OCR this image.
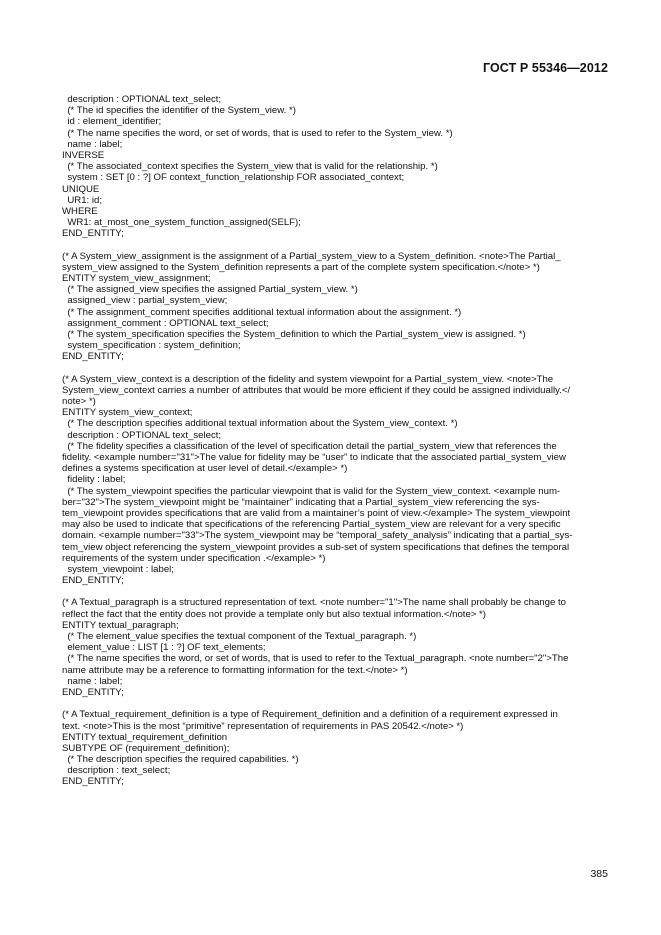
ГОСТ Р 55346—2012
description : OPTIONAL text_select;
(* The id specifies the identifier of the System_view. *)
id : element_identifier;
(* The name specifies the word, or set of words, that is used to refer to the System_view. *)
name : label;
INVERSE
(* The associated_context specifies the System_view that is valid for the relationship. *)
system : SET [0 : ?] OF context_function_relationship FOR associated_context;
UNIQUE
UR1: id;
WHERE
WR1: at_most_one_system_function_assigned(SELF);
END_ENTITY;
(* A System_view_assignment is the assignment of a Partial_system_view to a System_definition. <note>The Partial_
system_view assigned to the System_definition represents a part of the complete system specification.</note> *)
ENTITY system_view_assignment;
(* The assigned_view specifies the assigned Partial_system_view. *)
assigned_view : partial_system_view;
(* The assignment_comment specifies additional textual information about the assignment. *)
assignment_comment : OPTIONAL text_select;
(* The system_specification specifies the System_definition to which the Partial_system_view is assigned. *)
system_specification : system_definition;
END_ENTITY;
(* A System_view_context is a description of the fidelity and system viewpoint for a Partial_system_view. <note>The
System_view_context carries a number of attributes that would be more efficient if they could be assigned individually.</
note> *)
ENTITY system_view_context;
(* The description specifies additional textual information about the System_view_context. *)
description : OPTIONAL text_select;
(* The fidelity specifies a classification of the level of specification detail the partial_system_view that references the
fidelity. <example number="31">The value for fidelity may be “user” to indicate that the associated partial_system_view
defines a systems specification at user level of detail.</example> *)
fidelity : label;
(* The system_viewpoint specifies the particular viewpoint that is valid for the System_view_context. <example num-
ber="32">The system_viewpoint might be “maintainer” indicating that a Partial_system_view referencing the sys-
tem_viewpoint provides specifications that are valid from a maintainer’s point of view.</example> The system_viewpoint
may also be used to indicate that specifications of the referencing Partial_system_view are relevant for a very specific
domain. <example number="33">The system_viewpoint may be “temporal_safety_analysis” indicating that a partial_sys-
tem_view object referencing the system_viewpoint provides a sub-set of system specifications that defines the temporal
requirements of the system under specification .</example> *)
system_viewpoint : label;
END_ENTITY;
(* A Textual_paragraph is a structured representation of text. <note number="1">The name shall probably be change to
reflect the fact that the entity does not provide a template only but also textual information.</note> *)
ENTITY textual_paragraph;
(* The element_value specifies the textual component of the Textual_paragraph. *)
element_value : LIST [1 : ?] OF text_elements;
(* The name specifies the word, or set of words, that is used to refer to the Textual_paragraph. <note number="2">The
name attribute may be a reference to formatting information for the text.</note> *)
name : label;
END_ENTITY;
(* A Textual_requirement_definition is a type of Requirement_definition and a definition of a requirement expressed in
text. <note>This is the most “primitive” representation of requirements in PAS 20542.</note> *)
ENTITY textual_requirement_definition
SUBTYPE OF (requirement_definition);
(* The description specifies the required capabilities. *)
description : text_select;
END_ENTITY;
385
